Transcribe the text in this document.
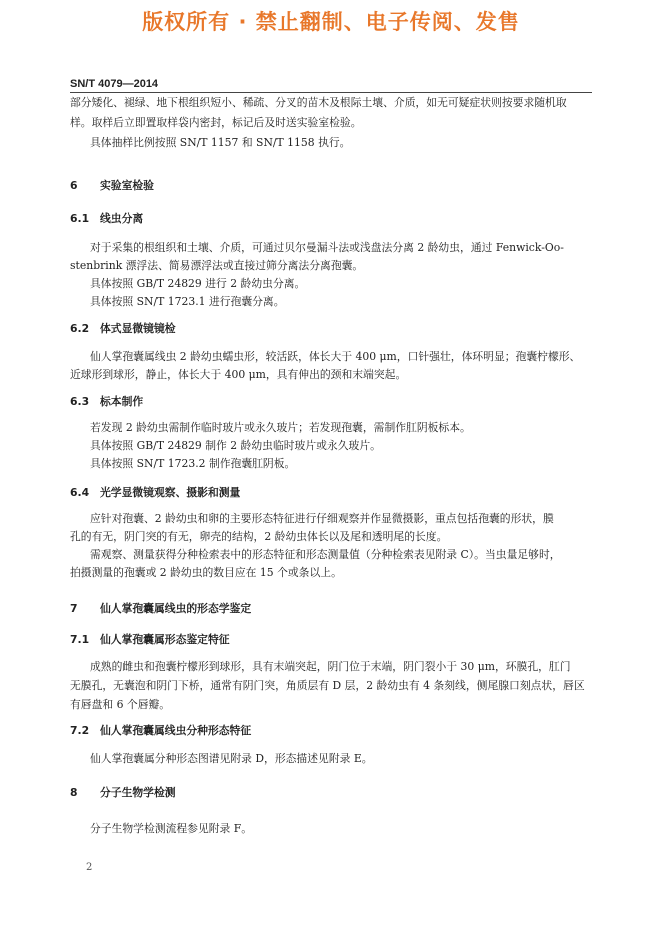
版权所有 · 禁止翻制、电子传阅、发售
SN/T 4079—2014
部分矮化、褪绿、地下根组织短小、稀疏、分叉的苗木及根际土壤、介质，如无可疑症状则按要求随机取
样。取样后立即置取样袋内密封，标记后及时送实验室检验。
具体抽样比例按照 SN/T 1157 和 SN/T 1158 执行。
6 实验室检验
6.1 线虫分离
对于采集的根组织和土壤、介质，可通过贝尔曼漏斗法或浅盘法分离 2 龄幼虫，通过 Fenwick-Oo-
stenbrink 漂浮法、简易漂浮法或直接过筛分离法分离孢囊。
具体按照 GB/T 24829 进行 2 龄幼虫分离。
具体按照 SN/T 1723.1 进行孢囊分离。
6.2 体式显微镜镜检
仙人掌孢囊属线虫 2 龄幼虫蠕虫形，较活跃，体长大于 400 μm，口针强壮，体环明显；孢囊柠檬形、
近球形到球形，静止，体长大于 400 μm，具有伸出的颈和末端突起。
6.3 标本制作
若发现 2 龄幼虫需制作临时玻片或永久玻片；若发现孢囊，需制作肛阴板标本。
具体按照 GB/T 24829 制作 2 龄幼虫临时玻片或永久玻片。
具体按照 SN/T 1723.2 制作孢囊肛阴板。
6.4 光学显微镜观察、摄影和测量
应针对孢囊、2 龄幼虫和卵的主要形态特征进行仔细观察并作显微摄影，重点包括孢囊的形状，膜
孔的有无，阴门突的有无，卵壳的结构，2 龄幼虫体长以及尾和透明尾的长度。
需观察、测量获得分种检索表中的形态特征和形态测量值（分种检索表见附录 C）。当虫量足够时，
拍摄测量的孢囊或 2 龄幼虫的数目应在 15 个或条以上。
7 仙人掌孢囊属线虫的形态学鉴定
7.1 仙人掌孢囊属形态鉴定特征
成熟的雌虫和孢囊柠檬形到球形，具有末端突起，阴门位于末端，阴门裂小于 30 μm，环膜孔，肛门
无膜孔，无囊泡和阴门下桥，通常有阴门突，角质层有 D 层，2 龄幼虫有 4 条刻线，侧尾腺口刻点状，唇区
有唇盘和 6 个唇瓣。
7.2 仙人掌孢囊属线虫分种形态特征
仙人掌孢囊属分种形态图谱见附录 D，形态描述见附录 E。
8 分子生物学检测
分子生物学检测流程参见附录 F。
2
